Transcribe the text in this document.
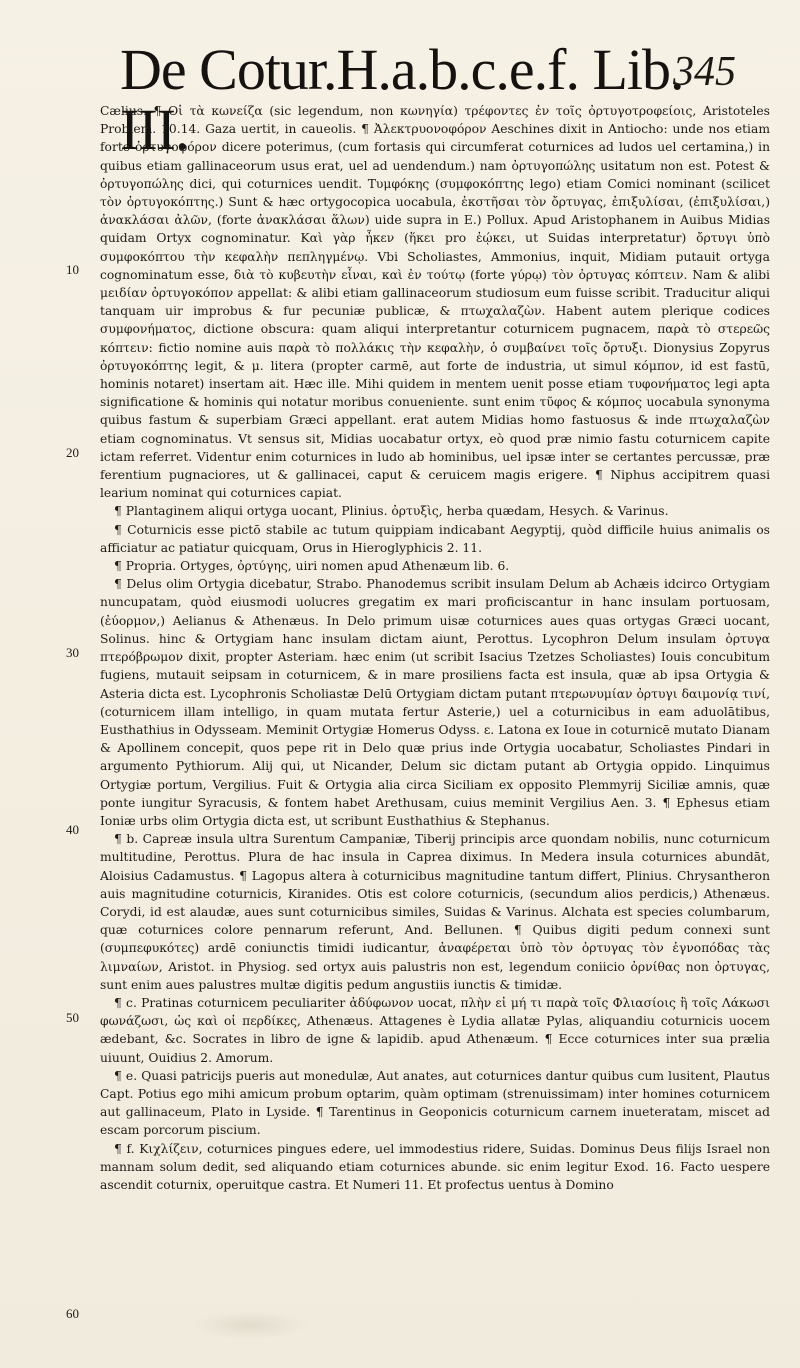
De Cotur.H.a.b.c.e.f. Lib. III.
345
10
20
30
40
50
60

Cælius. ¶ Οἱ τὰ κωνείζα (sic legendum, non κωνηγία) τρέφοντες ἐν τοῖς ὀρτυγοτροφείοις, Aristoteles Problem. 10.14. Gaza uertit, in caueolis. ¶ Ἀλεκτρυονοφόρον Aeschines dixit in Antiocho: unde nos etiam forte ὀρτυγοφόρον dicere poterimus, (cum fortasis qui circumferat coturnices ad ludos uel certamina,) in quibus etiam gallinaceorum usus erat, uel ad uendendum.) nam ὀρτυγοπώλης usitatum non est. Potest & ὀρτυγοπώλης dici, qui coturnices uendit. Τυμφόκης (συμφοκόπτης lego) etiam Comici nominant (scilicet τὸν ὀρτυγοκόπτης.) Sunt & hæc ortygocopica uocabula, ἐκστῆσαι τὸν ὄρτυγας, ἐπιξυλίσαι, (ἐπιξυλίσαι,) ἀνακλάσαι ἀλῶν, (forte ἀνακλάσαι ἅλων) uide supra in E.) Pollux. Apud Aristophanem in Auibus Midias quidam Ortyx cognominatur. Καὶ γὰρ ἦκεν (ἥκει pro ἐῴκει, ut Suidas interpretatur) ὄρτυγι ὑπὸ συμφοκόπτου τὴν κεφαλὴν πεπληγμένῳ. Vbi Scholiastes, Ammonius, inquit, Midiam putauit ortyga cognominatum esse, διὰ τὸ κυβευτὴν εἶναι, καὶ ἐν τούτῳ (forte γύρῳ) τὸν ὀρτυγας κόπτειν. Nam & alibi μειδίαν ὀρτυγοκόπον appellat: & alibi etiam gallinaceorum studiosum eum fuisse scribit. Traducitur aliqui tanquam uir improbus & fur pecuniæ publicæ, & πτωχαλαζὼν. Habent autem plerique codices συμφονήματος, dictione obscura: quam aliqui interpretantur coturnicem pugnacem, παρὰ τὸ στερεῶς κόπτειν: fictio nomine auis παρὰ τὸ πολλάκις τὴν κεφαλὴν, ὁ συμβαίνει τοῖς ὄρτυξι. Dionysius Zopyrus ὀρτυγοκόπτης legit, & μ. litera (propter carmē, aut forte de industria, ut simul κόμπον, id est fastū, hominis notaret) insertam ait. Hæc ille. Mihi quidem in mentem uenit posse etiam τυφονήματος legi apta significatione & hominis qui notatur moribus conueniente. sunt enim τῦφος & κόμπος uocabula synonyma quibus fastum & superbiam Græci appellant. erat autem Midias homo fastuosus & inde πτωχαλαζὼν etiam cognominatus. Vt sensus sit, Midias uocabatur ortyx, eò quod præ nimio fastu coturnicem capite ictam referret. Videntur enim coturnices in ludo ab hominibus, uel ipsæ inter se certantes percussæ, præ ferentium pugnaciores, ut & gallinacei, caput & ceruicem magis erigere. ¶ Niphus accipitrem quasi learium nominat qui coturnices capiat.

¶ Plantaginem aliqui ortyga uocant, Plinius. ὀρτυξὶς, herba quædam, Hesych. & Varinus.

¶ Coturnicis esse pictō stabile ac tutum quippiam indicabant Aegyptij, quòd difficile huius animalis os afficiatur ac patiatur quicquam, Orus in Hieroglyphicis 2. 11.

¶ Propria. Ortyges, ὀρτύγης, uiri nomen apud Athenæum lib. 6.

¶ Delus olim Ortygia dicebatur, Strabo. Phanodemus scribit insulam Delum ab Achæis idcirco Ortygiam nuncupatam, quòd eiusmodi uolucres gregatim ex mari proficiscantur in hanc insulam portuosam, (ἐύορμον,) Aelianus & Athenæus. In Delo primum uisæ coturnices aues quas ortygas Græci uocant, Solinus. hinc & Ortygiam hanc insulam dictam aiunt, Perottus. Lycophron Delum insulam ὀρτυγα πτερόβρωμον dixit, propter Asteriam. hæc enim (ut scribit Isacius Tzetzes Scholiastes) Iouis concubitum fugiens, mutauit seipsam in coturnicem, & in mare prosiliens facta est insula, quæ ab ipsa Ortygia & Asteria dicta est. Lycophronis Scholiastæ Delū Ortygiam dictam putant πτερωνυμίαν ὀρτυγι δαιμονίᾳ τινί, (coturnicem illam intelligo, in quam mutata fertur Asterie,) uel a coturnicibus in eam aduolātibus, Eusthathius in Odysseam. Meminit Ortygiæ Homerus Odyss. ε. Latona ex Ioue in coturnicē mutato Dianam & Apollinem concepit, quos pepe rit in Delo quæ prius inde Ortygia uocabatur, Scholiastes Pindari in argumento Pythiorum. Alij qui, ut Nicander, Delum sic dictam putant ab Ortygia oppido. Linquimus Ortygiæ portum, Vergilius. Fuit & Ortygia alia circa Siciliam ex opposito Plemmyrij Siciliæ amnis, quæ ponte iungitur Syracusis, & fontem habet Arethusam, cuius meminit Vergilius Aen. 3. ¶ Ephesus etiam Ioniæ urbs olim Ortygia dicta est, ut scribunt Eusthathius & Stephanus.

¶ b. Capreæ insula ultra Surentum Campaniæ, Tiberij principis arce quondam nobilis, nunc coturnicum multitudine, Perottus. Plura de hac insula in Caprea diximus. In Medera insula coturnices abundāt, Aloisius Cadamustus. ¶ Lagopus altera à coturnicibus magnitudine tantum differt, Plinius. Chrysantheron auis magnitudine coturnicis, Kiranides. Otis est colore coturnicis, (secundum alios perdicis,) Athenæus. Corydi, id est alaudæ, aues sunt coturnicibus similes, Suidas & Varinus. Alchata est species columbarum, quæ coturnices colore pennarum referunt, And. Bellunen. ¶ Quibus digiti pedum connexi sunt (συμπεφυκότες) ardē coniunctis timidi iudicantur, ἀναφέρεται ὑπὸ τὸν ὀρτυγας τὸν ἐγνοπόδας τὰς λιμναίων, Aristot. in Physiog. sed ortyx auis palustris non est, legendum coniicio ὀρνίθας non ὀρτυγας, sunt enim aues palustres multæ digitis pedum angustiis iunctis & timidæ.

¶ c. Pratinas coturnicem peculiariter ἀδύφωνον uocat, πλὴν εἰ μή τι παρὰ τοῖς Φλιασίοις ἢ τοῖς Λάκωσι φωνάζωσι, ὡς καὶ οἱ περδίκες, Athenæus. Attagenes è Lydia allatæ Pylas, aliquandiu coturnicis uocem ædebant, &c. Socrates in libro de igne & lapidib. apud Athenæum. ¶ Ecce coturnices inter sua prælia uiuunt, Ouidius 2. Amorum.

¶ e. Quasi patricijs pueris aut monedulæ, Aut anates, aut coturnices dantur quibus cum lusitent, Plautus Capt. Potius ego mihi amicum probum optarim, quàm optimam (strenuissimam) inter homines coturnicem aut gallinaceum, Plato in Lyside. ¶ Tarentinus in Geoponicis coturnicum carnem inueteratam, miscet ad escam porcorum piscium.

¶ f. Κιχλίζειν, coturnices pingues edere, uel immodestius ridere, Suidas. Dominus Deus filijs Israel non mannam solum dedit, sed aliquando etiam coturnices abunde. sic enim legitur Exod. 16. Facto uespere ascendit coturnix, operuitque castra. Et Numeri 11. Et profectus uentus à Domino
